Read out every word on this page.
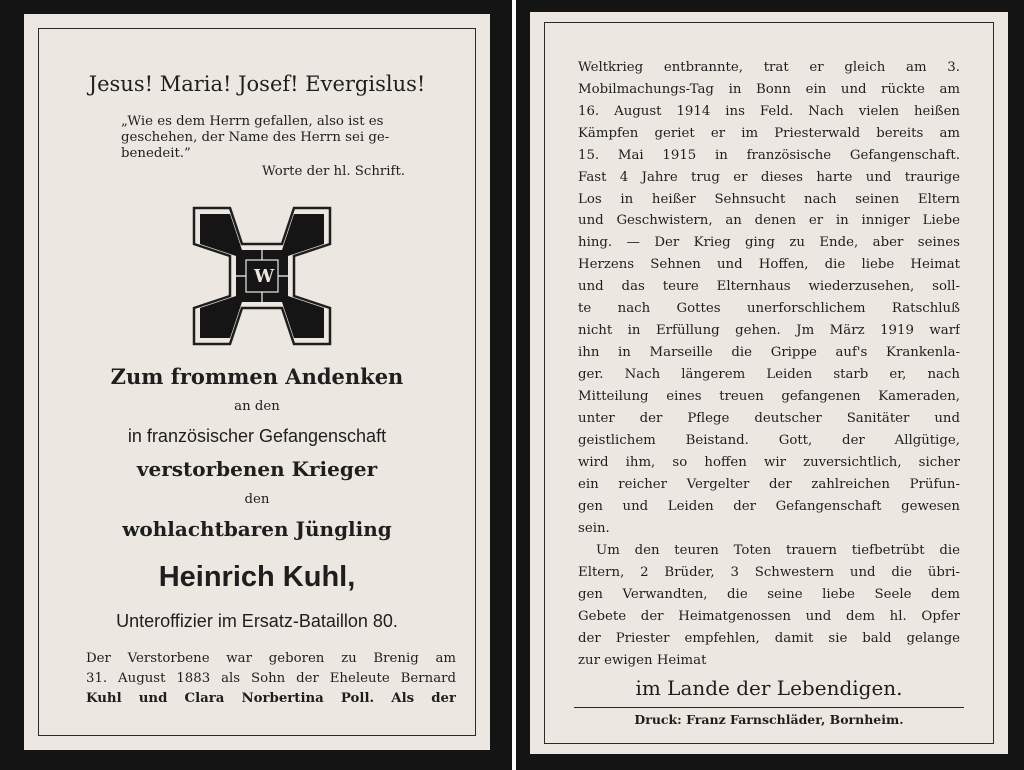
Jesus! Maria! Josef! Evergislus!
„Wie es dem Herrn gefallen, also ist es
geschehen, der Name des Herrn sei ge-
benedeit.”
Worte der hl. Schrift.
♛
W
1914
Zum frommen Andenken
an den
in französischer Gefangenschaft
verstorbenen Krieger
den
wohlachtbaren Jüngling
Heinrich Kuhl,
Unteroffizier im Ersatz-Bataillon 80.
Der Verstorbene war geboren zu Brenig am
31. August 1883 als Sohn der Eheleute Bernard
Kuhl und Clara Norbertina Poll. Als der
Weltkrieg entbrannte, trat er gleich am 3.
Mobilmachungs-Tag in Bonn ein und rückte am
16. August 1914 ins Feld. Nach vielen heißen
Kämpfen geriet er im Priesterwald bereits am
15. Mai 1915 in französische Gefangenschaft.
Fast 4 Jahre trug er dieses harte und traurige
Los in heißer Sehnsucht nach seinen Eltern
und Geschwistern, an denen er in inniger Liebe
hing. — Der Krieg ging zu Ende, aber seines
Herzens Sehnen und Hoffen, die liebe Heimat
und das teure Elternhaus wiederzusehen, soll-
te nach Gottes unerforschlichem Ratschluß
nicht in Erfüllung gehen. Jm März 1919 warf
ihn in Marseille die Grippe auf's Krankenla-
ger. Nach längerem Leiden starb er, nach
Mitteilung eines treuen gefangenen Kameraden,
unter der Pflege deutscher Sanitäter und
geistlichem Beistand. Gott, der Allgütige,
wird ihm, so hoffen wir zuversichtlich, sicher
ein reicher Vergelter der zahlreichen Prüfun-
gen und Leiden der Gefangenschaft gewesen
sein.
Um den teuren Toten trauern tiefbetrübt die
Eltern, 2 Brüder, 3 Schwestern und die übri-
gen Verwandten, die seine liebe Seele dem
Gebete der Heimatgenossen und dem hl. Opfer
der Priester empfehlen, damit sie bald gelange
zur ewigen Heimat
im Lande der Lebendigen.
Druck: Franz Farnschläder, Bornheim.
